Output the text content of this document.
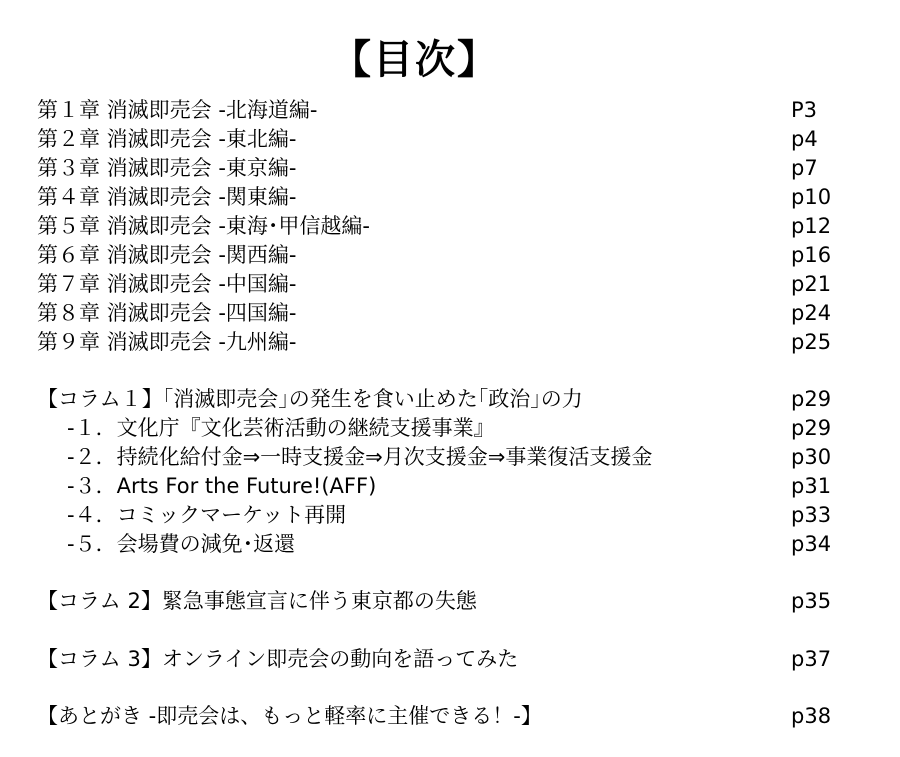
【目次】
第１章 消滅即売会 -北海道編-	P3
第２章 消滅即売会 -東北編-	p4
第３章 消滅即売会 -東京編-	p7
第４章 消滅即売会 -関東編-	p10
第５章 消滅即売会 -東海･甲信越編-	p12
第６章 消滅即売会 -関西編-	p16
第７章 消滅即売会 -中国編-	p21
第８章 消滅即売会 -四国編-	p24
第９章 消滅即売会 -九州編-	p25
【コラム１】｢消滅即売会｣の発生を食い止めた｢政治｣の力	p29
-１．文化庁『文化芸術活動の継続支援事業』	p29
-２．持続化給付金⇒一時支援金⇒月次支援金⇒事業復活支援金	p30
-３．Arts For the Future!(AFF)	p31
-４．コミックマーケット再開	p33
-５．会場費の減免･返還	p34
【コラム 2】緊急事態宣言に伴う東京都の失態	p35
【コラム 3】オンライン即売会の動向を語ってみた	p37
【あとがき -即売会は、もっと軽率に主催できる！-】	p38
